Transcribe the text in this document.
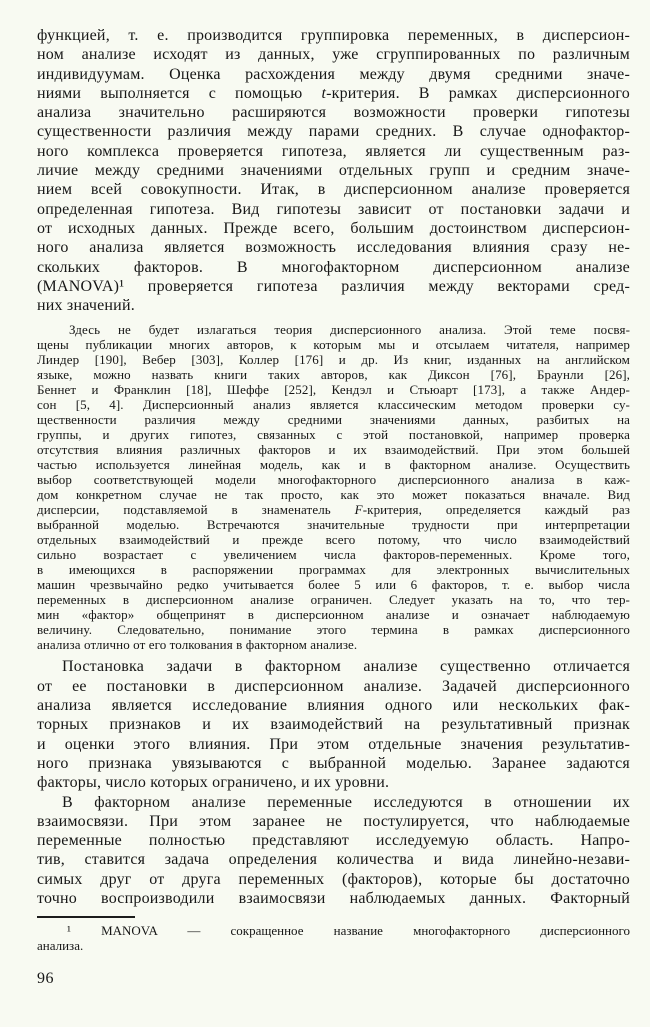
функцией, т. е. производится группировка переменных, в дисперсион-
ном анализе исходят из данных, уже сгруппированных по различным
индивидуумам. Оценка расхождения между двумя средними значе-
ниями выполняется с помощью t-критерия. В рамках дисперсионного
анализа значительно расширяются возможности проверки гипотезы
существенности различия между парами средних. В случае однофактор-
ного комплекса проверяется гипотеза, является ли существенным раз-
личие между средними значениями отдельных групп и средним значе-
нием всей совокупности. Итак, в дисперсионном анализе проверяется
определенная гипотеза. Вид гипотезы зависит от постановки задачи и
от исходных данных. Прежде всего, большим достоинством дисперсион-
ного анализа является возможность исследования влияния сразу не-
скольких факторов. В многофакторном дисперсионном анализе
(MANOVA)¹ проверяется гипотеза различия между векторами сред-
них значений.
Здесь не будет излагаться теория дисперсионного анализа. Этой теме посвя-
щены публикации многих авторов, к которым мы и отсылаем читателя, например
Линдер [190], Вебер [303], Коллер [176] и др. Из книг, изданных на английском
языке, можно назвать книги таких авторов, как Диксон [76], Браунли [26],
Беннет и Франклин [18], Шеффе [252], Кендэл и Стьюарт [173], а также Андер-
сон [5, 4]. Дисперсионный анализ является классическим методом проверки су-
щественности различия между средними значениями данных, разбитых на
группы, и других гипотез, связанных с этой постановкой, например проверка
отсутствия влияния различных факторов и их взаимодействий. При этом большей
частью используется линейная модель, как и в факторном анализе. Осуществить
выбор соответствующей модели многофакторного дисперсионного анализа в каж-
дом конкретном случае не так просто, как это может показаться вначале. Вид
дисперсии, подставляемой в знаменатель F-критерия, определяется каждый раз
выбранной моделью. Встречаются значительные трудности при интерпретации
отдельных взаимодействий и прежде всего потому, что число взаимодействий
сильно возрастает с увеличением числа факторов-переменных. Кроме того,
в имеющихся в распоряжении программах для электронных вычислительных
машин чрезвычайно редко учитывается более 5 или 6 факторов, т. е. выбор числа
переменных в дисперсионном анализе ограничен. Следует указать на то, что тер-
мин «фактор» общепринят в дисперсионном анализе и означает наблюдаемую
величину. Следовательно, понимание этого термина в рамках дисперсионного
анализа отлично от его толкования в факторном анализе.
Постановка задачи в факторном анализе существенно отличается
от ее постановки в дисперсионном анализе. Задачей дисперсионного
анализа является исследование влияния одного или нескольких фак-
торных признаков и их взаимодействий на результативный признак
и оценки этого влияния. При этом отдельные значения результатив-
ного признака увязываются с выбранной моделью. Заранее задаются
факторы, число которых ограничено, и их уровни.
В факторном анализе переменные исследуются в отношении их
взаимосвязи. При этом заранее не постулируется, что наблюдаемые
переменные полностью представляют исследуемую область. Напро-
тив, ставится задача определения количества и вида линейно-незави-
симых друг от друга переменных (факторов), которые бы достаточно
точно воспроизводили взаимосвязи наблюдаемых данных. Факторный
¹ MANOVA — сокращенное название многофакторного дисперсионного
анализа.
96
